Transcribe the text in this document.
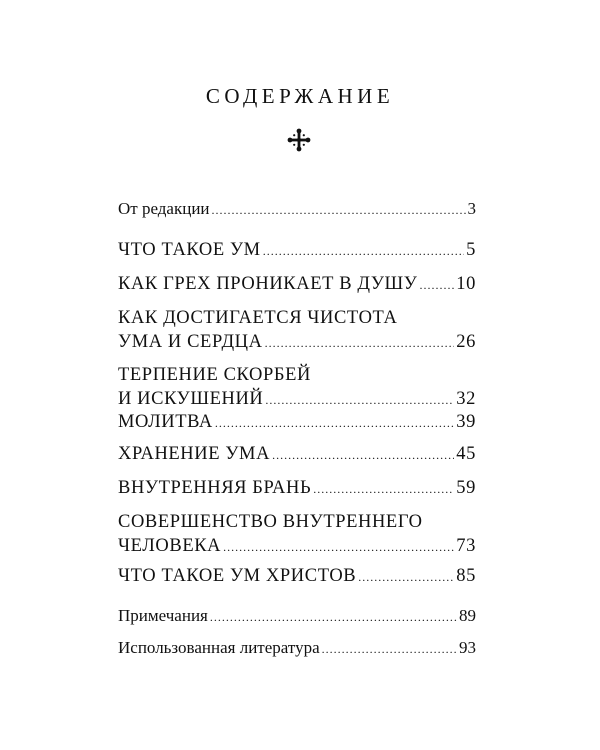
СОДЕРЖАНИЕ
От редакции .....	3
ЧТО ТАКОЕ УМ .....	5
КАК ГРЕХ ПРОНИКАЕТ В ДУШУ ..... 10
КАК ДОСТИГАЕТСЯ ЧИСТОТА
УМА И СЕРДЦА .....	26
ТЕРПЕНИЕ СКОРБЕЙ
И ИСКУШЕНИЙ .....	32
МОЛИТВА .....	39
ХРАНЕНИЕ УМА .....	45
ВНУТРЕННЯЯ БРАНЬ .....	59
СОВЕРШЕНСТВО ВНУТРЕННЕГО
ЧЕЛОВЕКА .....	73
ЧТО ТАКОЕ УМ ХРИСТОВ .....	85
Примечания .....	89
Использованная литература .....	93
